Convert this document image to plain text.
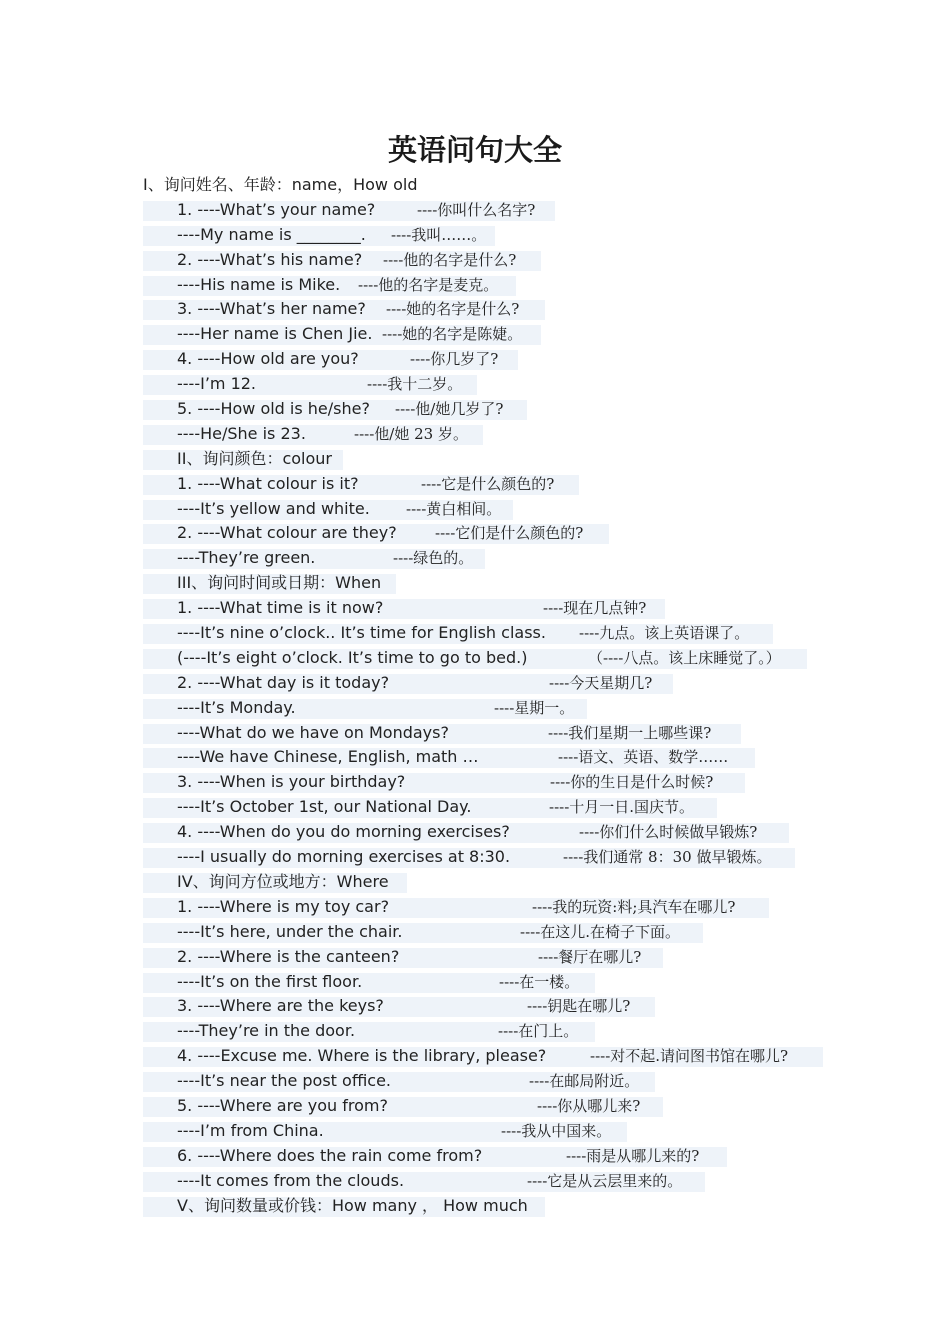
英语问句大全
I、询问姓名、年龄：name，How old
1. ----What’s your name?	----你叫什么名字?
----My name is ________. ----我叫……。
2. ----What’s his name? ----他的名字是什么?
----His name is Mike. ----他的名字是麦克。
3. ----What’s her name? ----她的名字是什么?
----Her name is Chen Jie. ----她的名字是陈婕。
4. ----How old are you?	----你几岁了?
----I’m 12.	----我十二岁。
5. ----How old is he/she? ----他/她几岁了?
----He/She is 23.	----他/她 23 岁。
II、询问颜色：colour
1. ----What colour is it?	----它是什么颜色的?
----It’s yellow and white. ----黄白相间。
2. ----What colour are they?	----它们是什么颜色的?
----They’re green.	----绿色的。
III、询问时间或日期：When
1. ----What time is it now?	----现在几点钟?
----It’s nine o’clock.. It’s time for English class. ----九点。该上英语课了。
(----It’s eight o’clock. It’s time to go to bed.)	（----八点。该上床睡觉了。）
2. ----What day is it today?	----今天星期几?
----It’s Monday.	----星期一。
----What do we have on Mondays?	----我们星期一上哪些课?
----We have Chinese, English, math …	----语文、英语、数学……
3. ----When is your birthday?	----你的生日是什么时候?
----It’s October 1st, our National Day.	----十月一日.国庆节。
4. ----When do you do morning exercises?	----你们什么时候做早锻炼?
----I usually do morning exercises at 8:30.	----我们通常 8：30 做早锻炼。
IV、询问方位或地方：Where
1. ----Where is my toy car?	----我的玩资:料;具汽车在哪儿?
----It’s here, under the chair.	----在这儿.在椅子下面。
2. ----Where is the canteen?	----餐厅在哪儿?
----It’s on the first floor.	----在一楼。
3. ----Where are the keys?	----钥匙在哪儿?
----They’re in the door.	----在门上。
4. ----Excuse me. Where is the library, please?	----对不起.请问图书馆在哪儿?
----It’s near the post office.	----在邮局附近。
5. ----Where are you from?	----你从哪儿来?
----I’m from China.	----我从中国来。
6. ----Where does the rain come from?	----雨是从哪儿来的?
----It comes from the clouds.	----它是从云层里来的。
V、询问数量或价钱：How many ， How much
